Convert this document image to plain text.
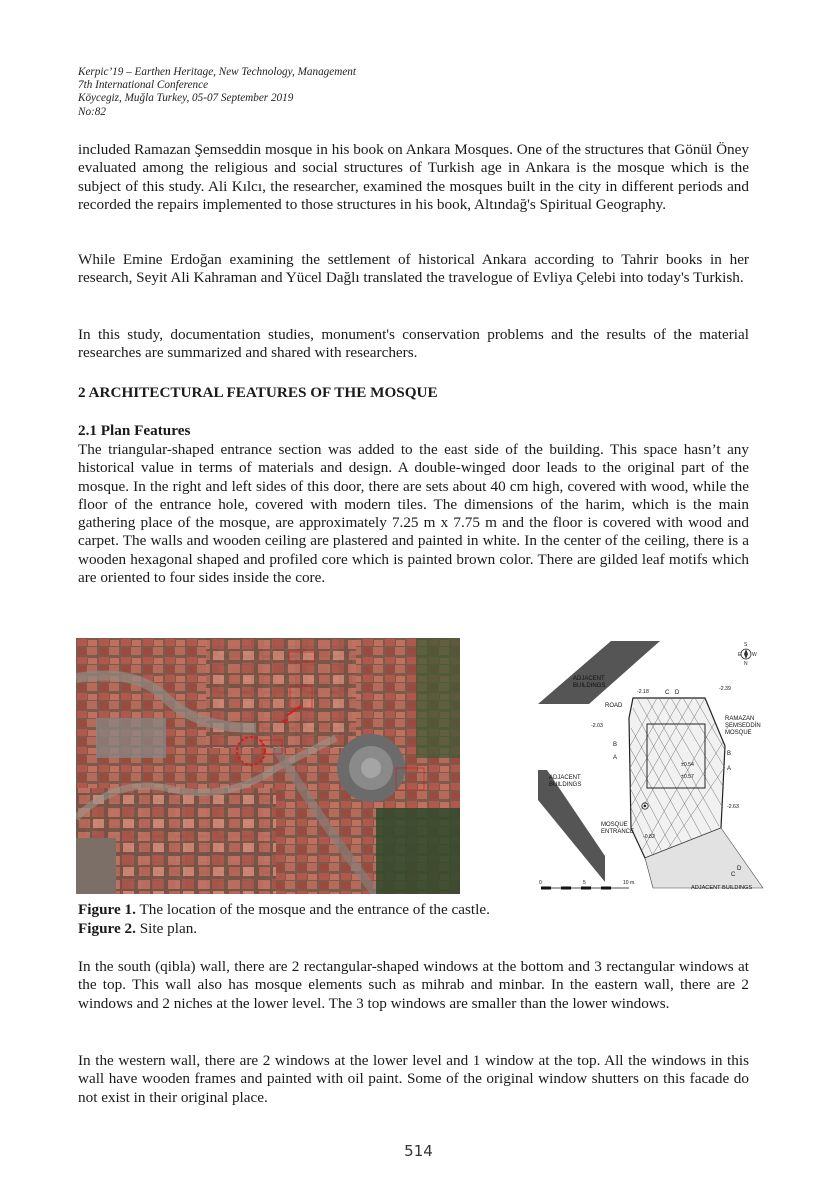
Kerpic’19 – Earthen Heritage, New Technology, Management
7th International Conference
Köycegiz, Muğla Turkey, 05-07 September 2019
No:82

included Ramazan Şemseddin mosque in his book on Ankara Mosques. One of the structures that Gönül Öney evaluated among the religious and social structures of Turkish age in Ankara is the mosque which is the subject of this study. Ali Kılcı, the researcher, examined the mosques built in the city in different periods and recorded the repairs implemented to those structures in his book, Altındağ's Spiritual Geography.

While Emine Erdoğan examining the settlement of historical Ankara according to Tahrir books in her research, Seyit Ali Kahraman and Yücel Dağlı translated the travelogue of Evliya Çelebi into today's Turkish.

In this study, documentation studies, monument's conservation problems and the results of the material researches are summarized and shared with researchers.

2 ARCHITECTURAL FEATURES OF THE MOSQUE

2.1 Plan Features

The triangular-shaped entrance section was added to the east side of the building. This space hasn’t any historical value in terms of materials and design. A double-winged door leads to the original part of the mosque. In the right and left sides of this door, there are sets about 40 cm high, covered with wood, while the floor of the entrance hole, covered with modern tiles. The dimensions of the harim, which is the main gathering place of the mosque, are approximately 7.25 m x 7.75 m and the floor is covered with wood and carpet. The walls and wooden ceiling are plastered and painted in white. In the center of the ceiling, there is a wooden hexagonal shaped and profiled core which is painted brown color. There are gilded leaf motifs which are oriented to four sides inside the core.

S
E W
N
ADJACENT
BUILDINGS
ADJACENT
BUILDINGS
ROAD
ADJACENT BUILDINGS
RAMAZAN
ŞEMSEDDİN
MOSQUE
MOSQUE
ENTRANCE
-2.18	-2.39
-2.03
±0.54
±0.57
-2.63
-0.82
B
A
B
A
C D
C
D
0	5	10 m.

Figure 1. The location of the mosque and the entrance of the castle.

Figure 2. Site plan.

In the south (qibla) wall, there are 2 rectangular-shaped windows at the bottom and 3 rectangular windows at the top. This wall also has mosque elements such as mihrab and minbar. In the eastern wall, there are 2 windows and 2 niches at the lower level. The 3 top windows are smaller than the lower windows.

In the western wall, there are 2 windows at the lower level and 1 window at the top. All the windows in this wall have wooden frames and painted with oil paint. Some of the original window shutters on this facade do not exist in their original place.

514
